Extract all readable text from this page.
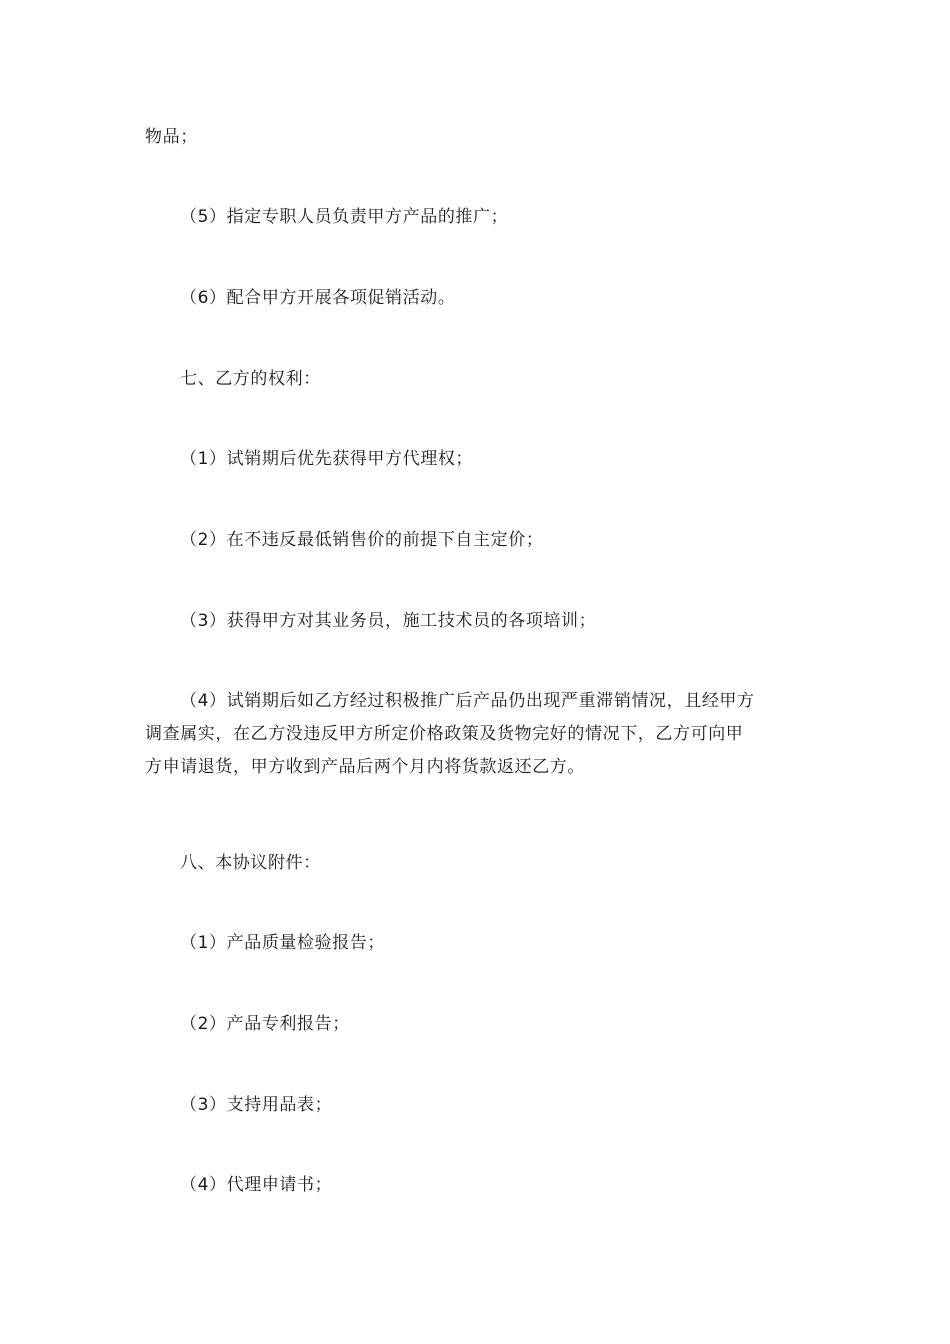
物品；

（5）指定专职人员负责甲方产品的推广；

（6）配合甲方开展各项促销活动。

七、乙方的权利：

（1）试销期后优先获得甲方代理权；

（2）在不违反最低销售价的前提下自主定价；

（3）获得甲方对其业务员，施工技术员的各项培训；

（4）试销期后如乙方经过积极推广后产品仍出现严重滞销情况，且经甲方
调查属实，在乙方没违反甲方所定价格政策及货物完好的情况下，乙方可向甲
方申请退货，甲方收到产品后两个月内将货款返还乙方。

八、本协议附件：

（1）产品质量检验报告；

（2）产品专利报告；

（3）支持用品表；

（4）代理申请书；
